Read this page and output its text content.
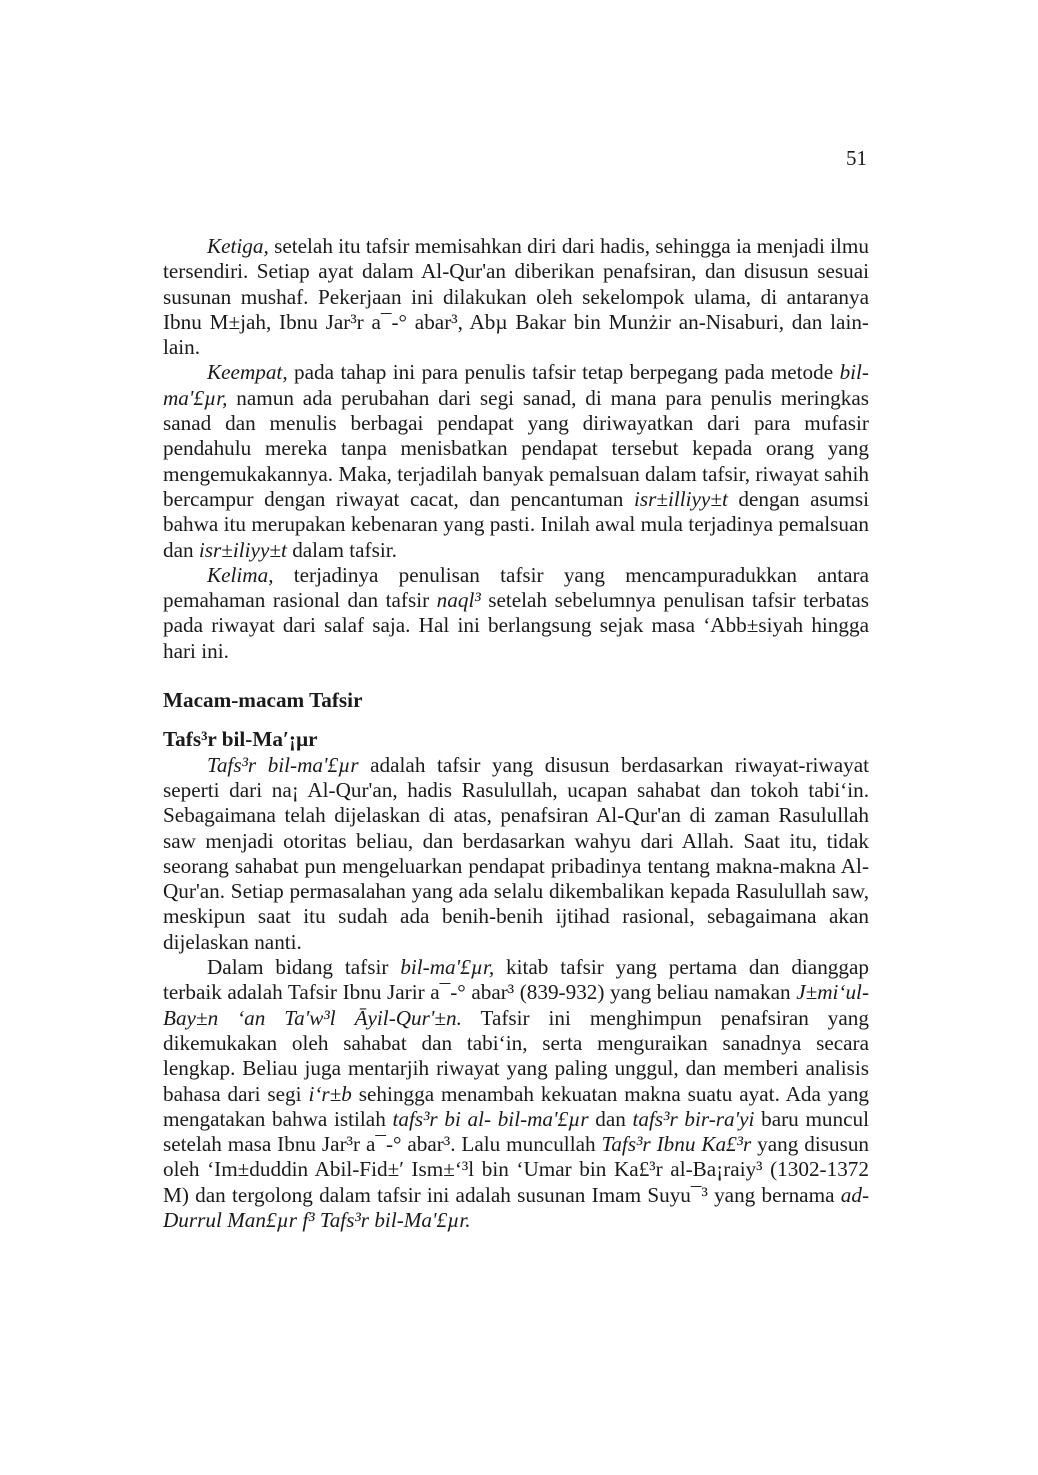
51

Ketiga, setelah itu tafsir memisahkan diri dari hadis, sehingga ia menjadi ilmu tersendiri. Setiap ayat dalam Al-Qur'an diberikan penafsiran, dan disusun sesuai susunan mushaf. Pekerjaan ini dilakukan oleh sekelompok ulama, di antaranya Ibnu M±jah, Ibnu Jar³r a¯-° abar³, Abµ Bakar bin Munżir an-Nisaburi, dan lain-lain.

Keempat, pada tahap ini para penulis tafsir tetap berpegang pada metode bil-ma'£µr, namun ada perubahan dari segi sanad, di mana para penulis meringkas sanad dan menulis berbagai pendapat yang diriwayatkan dari para mufasir pendahulu mereka tanpa menisbatkan pendapat tersebut kepada orang yang mengemukakannya. Maka, terjadilah banyak pemalsuan dalam tafsir, riwayat sahih bercampur dengan riwayat cacat, dan pencantuman isr±illiyy±t dengan asumsi bahwa itu merupakan kebenaran yang pasti. Inilah awal mula terjadinya pemalsuan dan isr±iliyy±t dalam tafsir.

Kelima, terjadinya penulisan tafsir yang mencampuradukkan antara pemahaman rasional dan tafsir naql³ setelah sebelumnya penulisan tafsir terbatas pada riwayat dari salaf saja. Hal ini berlangsung sejak masa ‘Abb±siyah hingga hari ini.

Macam-macam Tafsir
Tafs³r bil-Ma′¡µr

Tafs³r bil-ma'£µr adalah tafsir yang disusun berdasarkan riwayat-riwayat seperti dari na¡ Al-Qur'an, hadis Rasulullah, ucapan sahabat dan tokoh tabi‘in. Sebagaimana telah dijelaskan di atas, penafsiran Al-Qur'an di zaman Rasulullah saw menjadi otoritas beliau, dan berdasarkan wahyu dari Allah. Saat itu, tidak seorang sahabat pun mengeluarkan pendapat pribadinya tentang makna-makna Al-Qur'an. Setiap permasalahan yang ada selalu dikembalikan kepada Rasulullah saw, meskipun saat itu sudah ada benih-benih ijtihad rasional, sebagaimana akan dijelaskan nanti.

Dalam bidang tafsir bil-ma'£µr, kitab tafsir yang pertama dan dianggap terbaik adalah Tafsir Ibnu Jarir a¯-° abar³ (839-932) yang beliau namakan J±mi‘ul-Bay±n ‘an Ta'w³l Āyil-Qur'±n. Tafsir ini menghimpun penafsiran yang dikemukakan oleh sahabat dan tabi‘in, serta menguraikan sanadnya secara lengkap. Beliau juga mentarjih riwayat yang paling unggul, dan memberi analisis bahasa dari segi i‘r±b sehingga menambah kekuatan makna suatu ayat. Ada yang mengatakan bahwa istilah tafs³r bi al- bil-ma'£µr dan tafs³r bir-ra'yi baru muncul setelah masa Ibnu Jar³r a¯-° abar³. Lalu muncullah Tafs³r Ibnu Ka£³r yang disusun oleh ‘Im±duddin Abil-Fid±′ Ism±‘³l bin ‘Umar bin Ka£³r al-Ba¡raiy³ (1302-1372 M) dan tergolong dalam tafsir ini adalah susunan Imam Suyu¯³ yang bernama ad-Durrul Man£µr f³ Tafs³r bil-Ma'£µr.
